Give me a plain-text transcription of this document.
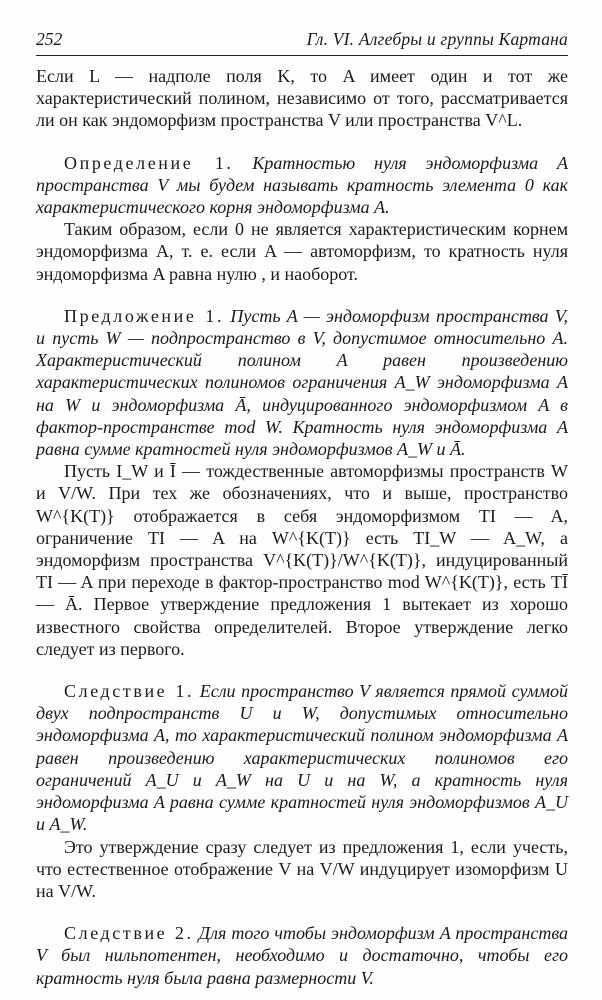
252	Гл. VI. Алгебры и группы Картана

Если L — надполе поля K, то A имеет один и тот же характеристический полином, независимо от того, рассматривается ли он как эндоморфизм пространства V или пространства V^L.

Определение 1. Кратностью нуля эндоморфизма A пространства V мы будем называть кратность элемента 0 как характеристического корня эндоморфизма A.

Таким образом, если 0 не является характеристическим корнем эндоморфизма A, т. е. если A — автоморфизм, то кратность нуля эндоморфизма A равна нулю , и наоборот.

Предложение 1. Пусть A — эндоморфизм пространства V, и пусть W — подпространство в V, допустимое относительно A. Характеристический полином A равен произведению характеристических полиномов ограничения A_W эндоморфизма A на W и эндоморфизма Ā, индуцированного эндоморфизмом A в фактор-пространстве mod W. Кратность нуля эндоморфизма A равна сумме кратностей нуля эндоморфизмов A_W и Ā.

Пусть I_W и Ī — тождественные автоморфизмы пространств W и V/W. При тех же обозначениях, что и выше, пространство W^{K(T)} отображается в себя эндоморфизмом TI — A, ограничение TI — A на W^{K(T)} есть TI_W — A_W, а эндоморфизм пространства V^{K(T)}/W^{K(T)}, индуцированный TI — A при переходе в фактор-пространство mod W^{K(T)}, есть TĪ — Ā. Первое утверждение предложения 1 вытекает из хорошо известного свойства определителей. Второе утверждение легко следует из первого.

Следствие 1. Если пространство V является прямой суммой двух подпространств U и W, допустимых относительно эндоморфизма A, то характеристический полином эндоморфизма A равен произведению характеристических полиномов его ограничений A_U и A_W на U и на W, а кратность нуля эндоморфизма A равна сумме кратностей нуля эндоморфизмов A_U и A_W.

Это утверждение сразу следует из предложения 1, если учесть, что естественное отображение V на V/W индуцирует изоморфизм U на V/W.

Следствие 2. Для того чтобы эндоморфизм A пространства V был нильпотентен, необходимо и достаточно, чтобы его кратность нуля была равна размерности V.
